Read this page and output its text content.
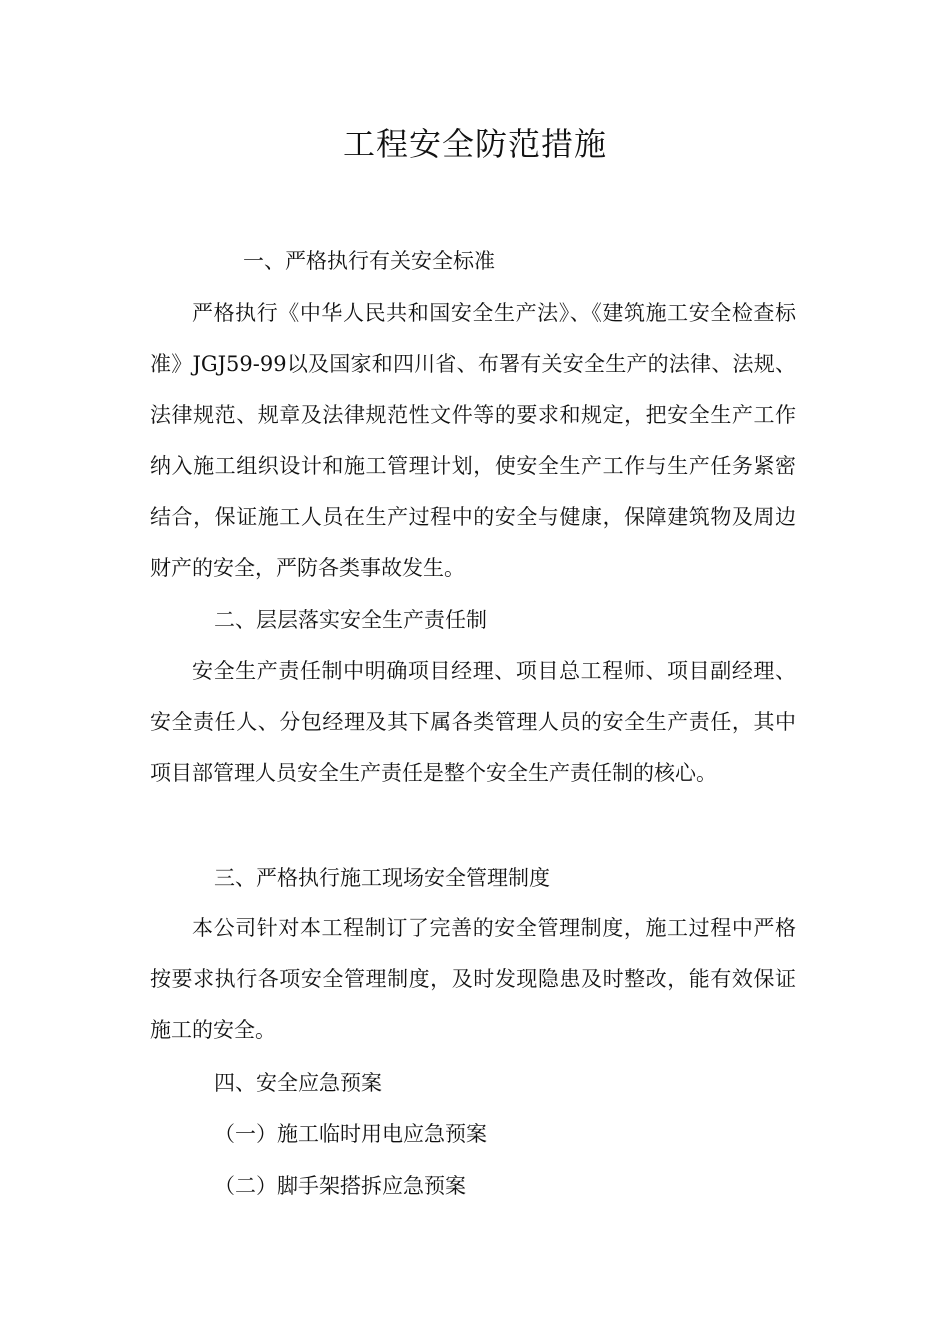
工程安全防范措施

一、严格执行有关安全标准

严格执行《中华人民共和国安全生产法》、《建筑施工安全检查标准》JGJ59-99以及国家和四川省、布署有关安全生产的法律、法规、法律规范、规章及法律规范性文件等的要求和规定，把安全生产工作纳入施工组织设计和施工管理计划，使安全生产工作与生产任务紧密结合，保证施工人员在生产过程中的安全与健康，保障建筑物及周边财产的安全，严防各类事故发生。

二、层层落实安全生产责任制

安全生产责任制中明确项目经理、项目总工程师、项目副经理、安全责任人、分包经理及其下属各类管理人员的安全生产责任，其中项目部管理人员安全生产责任是整个安全生产责任制的核心。

三、严格执行施工现场安全管理制度

本公司针对本工程制订了完善的安全管理制度，施工过程中严格按要求执行各项安全管理制度，及时发现隐患及时整改，能有效保证施工的安全。

四、安全应急预案

（一）施工临时用电应急预案

（二）脚手架搭拆应急预案
